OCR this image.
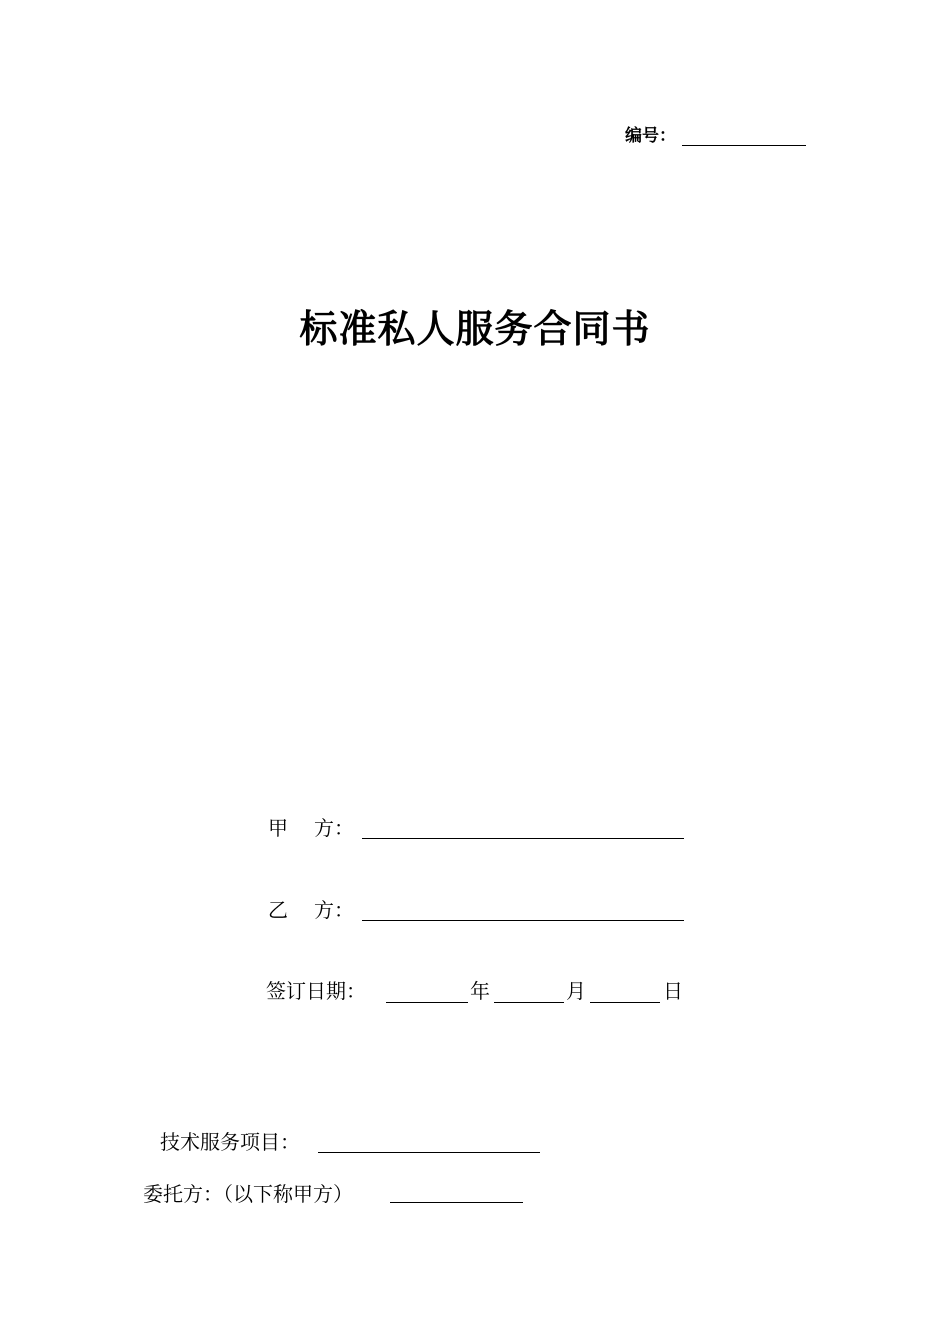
编号：
标准私人服务合同书
甲 方：
乙 方：
签订日期：	年	月	日
技术服务项目：
委托方：（以下称甲方）
